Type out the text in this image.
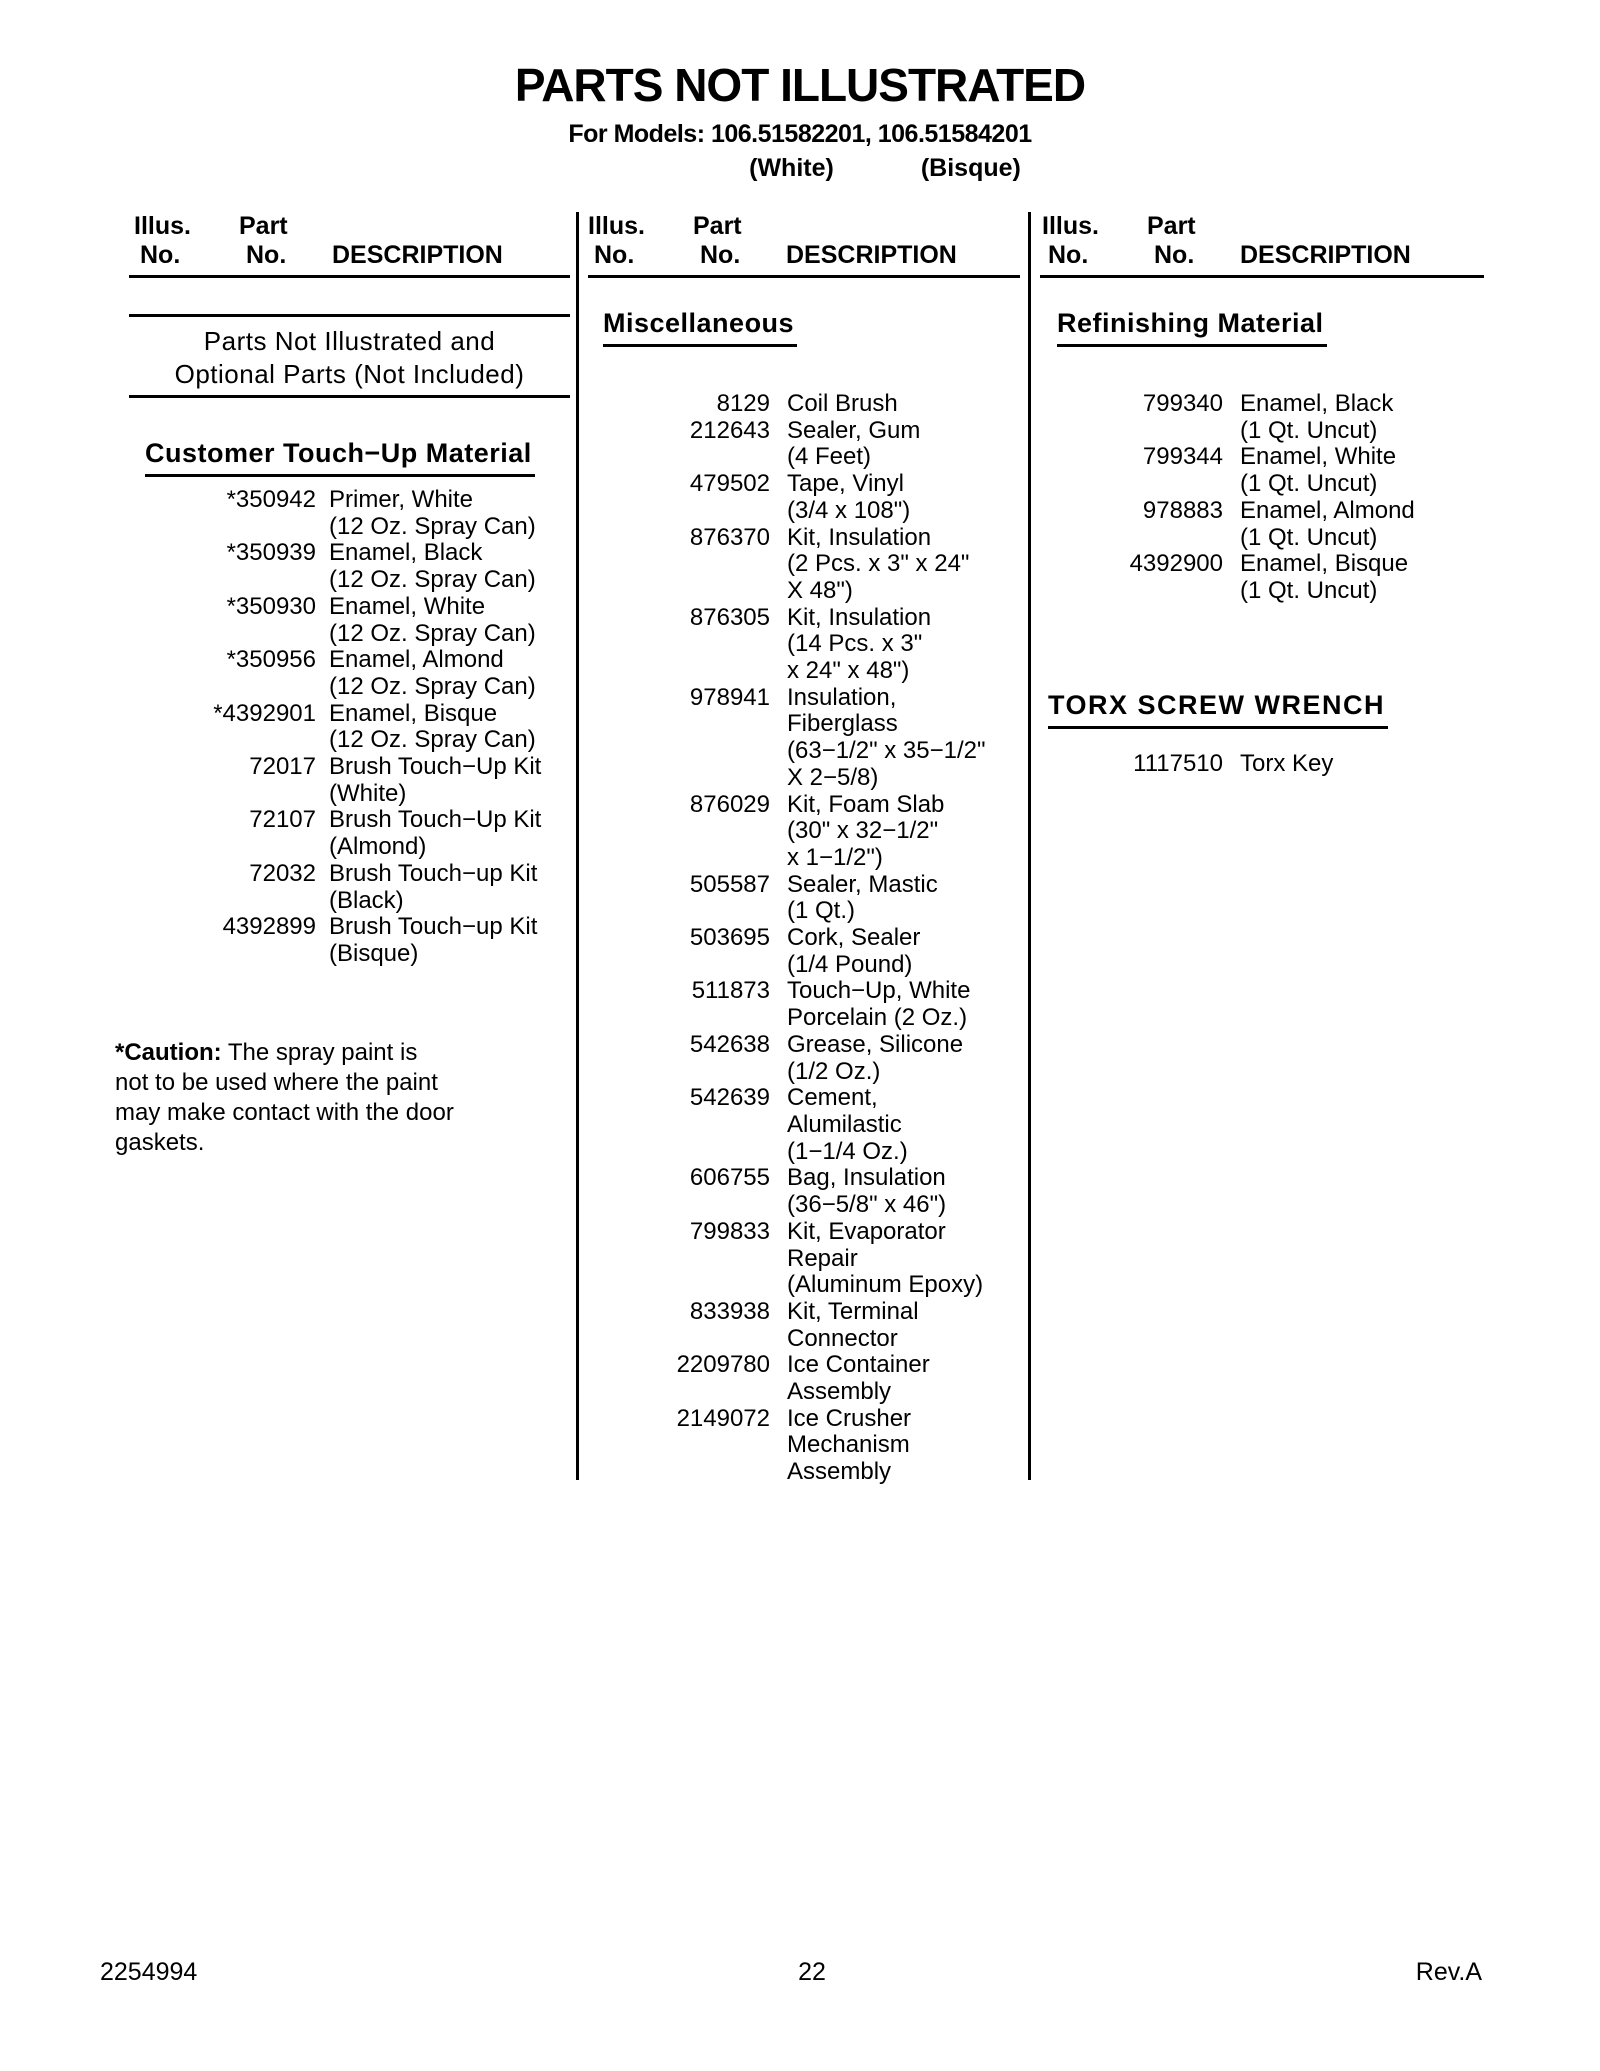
PARTS NOT ILLUSTRATED
For Models: 106.51582201, 106.51584201
(White)	(Bisque)
Illus.	Part
No.	No.	DESCRIPTION
Parts Not Illustrated and
Optional Parts (Not Included)
Customer Touch−Up Material
*350942 Primer, White
(12 Oz. Spray Can)
*350939 Enamel, Black
(12 Oz. Spray Can)
*350930 Enamel, White
(12 Oz. Spray Can)
*350956 Enamel, Almond
(12 Oz. Spray Can)
*4392901 Enamel, Bisque
(12 Oz. Spray Can)
72017 Brush Touch−Up Kit
(White)
72107 Brush Touch−Up Kit
(Almond)
72032 Brush Touch−up Kit
(Black)
4392899 Brush Touch−up Kit
(Bisque)
*Caution: The spray paint is
not to be used where the paint
may make contact with the door
gaskets.
Illus.	Part
No.	No.	DESCRIPTION
Miscellaneous
8129 Coil Brush
212643 Sealer, Gum
(4 Feet)
479502 Tape, Vinyl
(3/4 x 108")
876370 Kit, Insulation
(2 Pcs. x 3" x 24"
X 48")
876305 Kit, Insulation
(14 Pcs. x 3"
x 24" x 48")
978941 Insulation,
Fiberglass
(63−1/2" x 35−1/2"
X 2−5/8)
876029 Kit, Foam Slab
(30" x 32−1/2"
x 1−1/2")
505587 Sealer, Mastic
(1 Qt.)
503695 Cork, Sealer
(1/4 Pound)
511873 Touch−Up, White
Porcelain (2 Oz.)
542638 Grease, Silicone
(1/2 Oz.)
542639 Cement,
Alumilastic
(1−1/4 Oz.)
606755 Bag, Insulation
(36−5/8" x 46")
799833 Kit, Evaporator
Repair
(Aluminum Epoxy)
833938 Kit, Terminal
Connector
2209780 Ice Container
Assembly
2149072 Ice Crusher
Mechanism
Assembly
Illus.	Part
No.	No.	DESCRIPTION
Refinishing Material
799340 Enamel, Black
(1 Qt. Uncut)
799344 Enamel, White
(1 Qt. Uncut)
978883 Enamel, Almond
(1 Qt. Uncut)
4392900 Enamel, Bisque
(1 Qt. Uncut)
TORX SCREW WRENCH
1117510 Torx Key
2254994	22	Rev.A
